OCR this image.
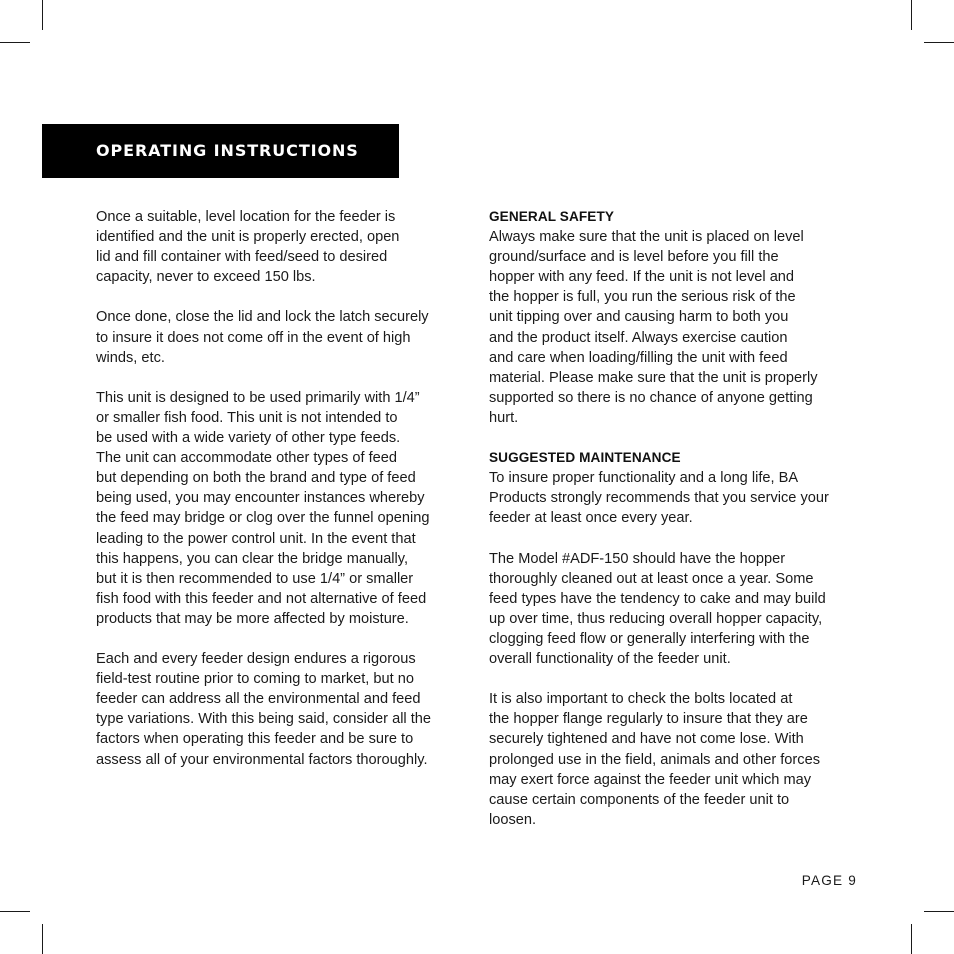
OPERATING INSTRUCTIONS

Once a suitable, level location for the feeder is
identified and the unit is properly erected, open
lid and fill container with feed/seed to desired
capacity, never to exceed 150 lbs.

Once done, close the lid and lock the latch securely
to insure it does not come off in the event of high
winds, etc.

This unit is designed to be used primarily with 1/4”
or smaller fish food. This unit is not intended to
be used with a wide variety of other type feeds.
The unit can accommodate other types of feed
but depending on both the brand and type of feed
being used, you may encounter instances whereby
the feed may bridge or clog over the funnel opening
leading to the power control unit. In the event that
this happens, you can clear the bridge manually,
but it is then recommended to use 1/4” or smaller
fish food with this feeder and not alternative of feed
products that may be more affected by moisture.

Each and every feeder design endures a rigorous
field-test routine prior to coming to market, but no
feeder can address all the environmental and feed
type variations. With this being said, consider all the
factors when operating this feeder and be sure to
assess all of your environmental factors thoroughly.

GENERAL SAFETY

Always make sure that the unit is placed on level
ground/surface and is level before you fill the
hopper with any feed. If the unit is not level and
the hopper is full, you run the serious risk of the
unit tipping over and causing harm to both you
and the product itself. Always exercise caution
and care when loading/filling the unit with feed
material. Please make sure that the unit is properly
supported so there is no chance of anyone getting
hurt.

SUGGESTED MAINTENANCE

To insure proper functionality and a long life, BA
Products strongly recommends that you service your
feeder at least once every year.

The Model #ADF-150 should have the hopper
thoroughly cleaned out at least once a year. Some
feed types have the tendency to cake and may build
up over time, thus reducing overall hopper capacity,
clogging feed flow or generally interfering with the
overall functionality of the feeder unit.

It is also important to check the bolts located at
the hopper flange regularly to insure that they are
securely tightened and have not come lose. With
prolonged use in the field, animals and other forces
may exert force against the feeder unit which may
cause certain components of the feeder unit to
loosen.

PAGE 9
